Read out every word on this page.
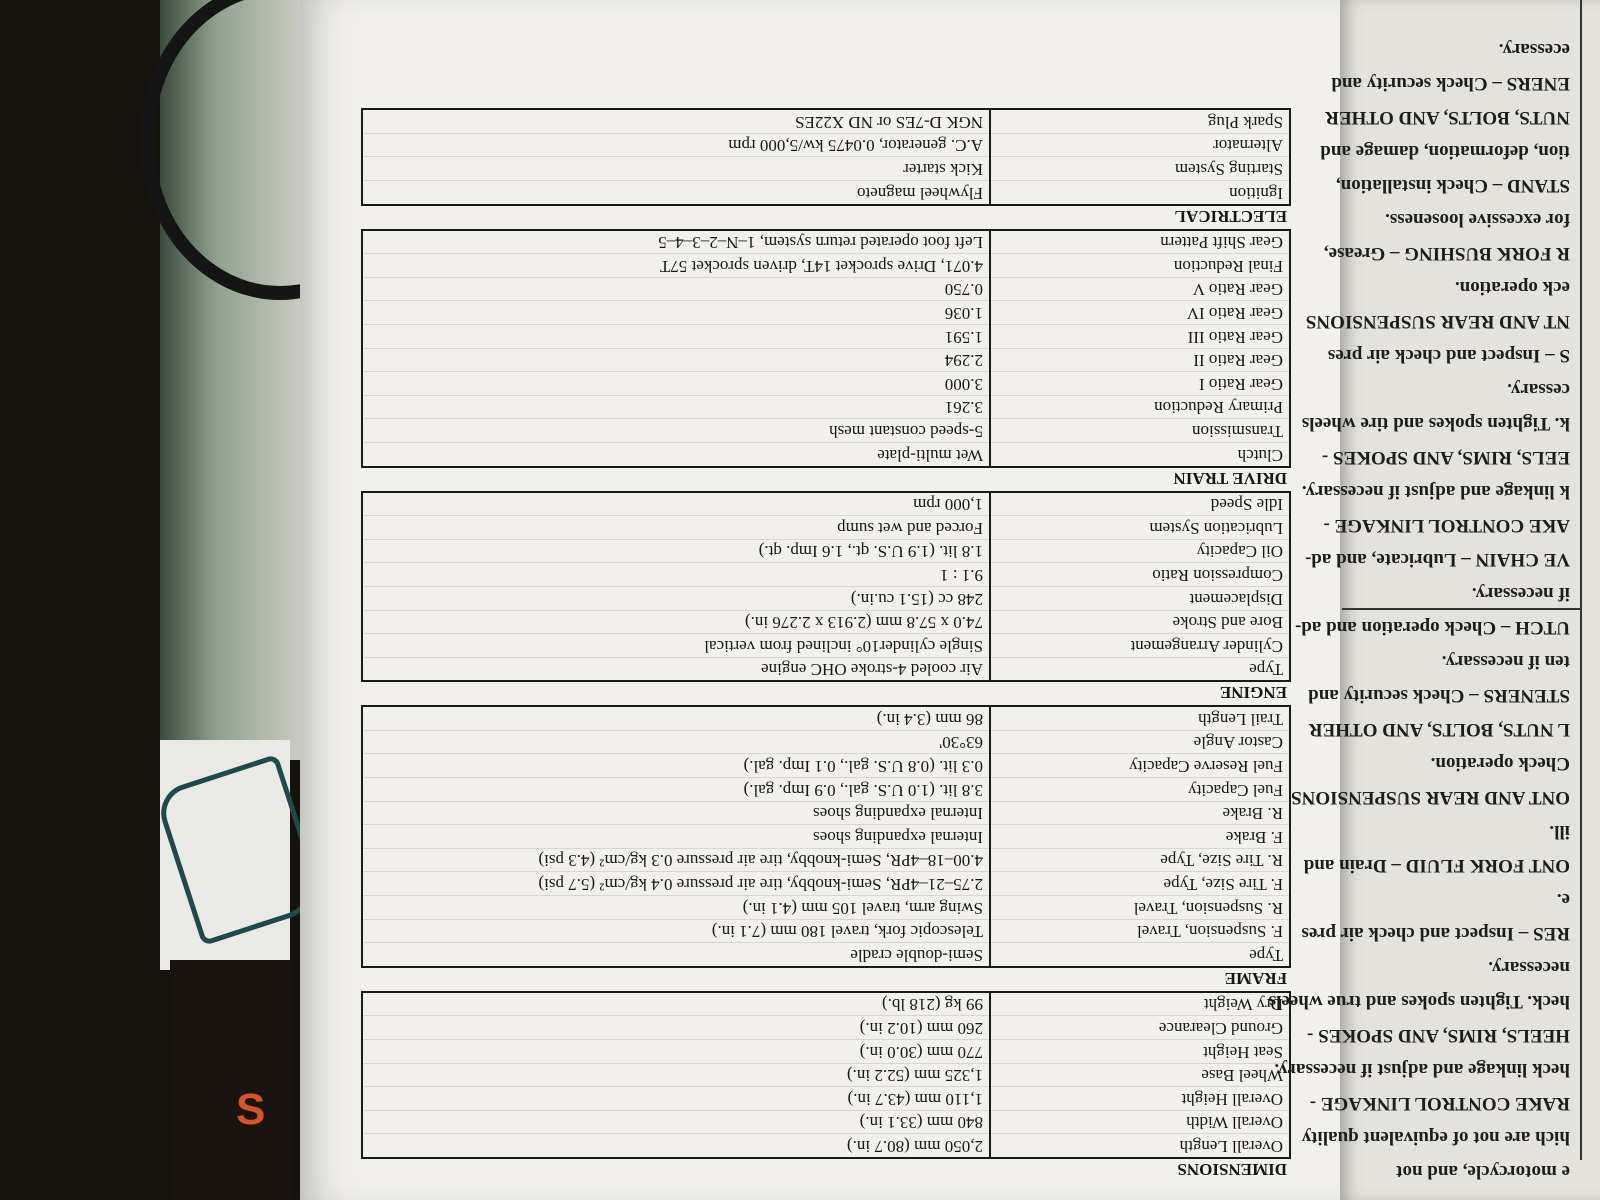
S
DIMENSIONS
Overall Length	2,050 mm (80.7 in.)
Overall Width	840 mm (33.1 in.)
Overall Height	1,110 mm (43.7 in.)
Wheel Base	1,325 mm (52.2 in.)
Seat Height	770 mm (30.0 in.)
Ground Clearance	260 mm (10.2 in.)
Dry Weight	99 kg (218 lb.)
FRAME
Type	Semi-double cradle
F. Suspension, Travel	Telescopic fork, travel 180 mm (7.1 in.)
R. Suspension, Travel	Swing arm, travel 105 mm (4.1 in.)
F. Tire Size, Type	2.75–21–4PR, Semi-knobby, tire air pressure 0.4 kg/cm² (5.7 psi)
R. Tire Size, Type	4.00–18–4PR, Semi-knobby, tire air pressure 0.3 kg/cm² (4.3 psi)
F. Brake	Internal expanding shoes
R. Brake	Internal expanding shoes
Fuel Capacity	3.8 lit. (1.0 U.S. gal., 0.9 Imp. gal.)
Fuel Reserve Capacity	0.3 lit. (0.8 U.S. gal., 0.1 Imp. gal.)
Castor Angle	63°30'
Trail Length	86 mm (3.4 in.)
ENGINE
Type	Air cooled 4-stroke OHC engine
Cylinder Arrangement	Single cylinder10° inclined from vertical
Bore and Stroke	74.0 x 57.8 mm (2.913 x 2.276 in.)
Displacement	248 cc (15.1 cu.in.)
Compression Ratio	9.1 : 1
Oil Capacity	1.8 lit. (1.9 U.S. qt., 1.6 Imp. qt.)
Lubrication System	Forced and wet sump
Idle Speed	1,000 rpm
DRIVE TRAIN
Clutch	Wet multi-plate
Transmission	5-speed constant mesh
Primary Reduction	3.261
Gear Ratio I	3.000
Gear Ratio II	2.294
Gear Ratio III	1.591
Gear Ratio IV	1.036
Gear Ratio V	0.750
Final Reduction	4.071, Drive sprocket 14T, driven sprocket 57T
Gear Shift Pattern	Left foot operated return system, 1–N–2–3–4–5
ELECTRICAL
Ignition	Flywheel magneto
Starting System	Kick starter
Alternator	A.C. generator, 0.0475 kw/5,000 rpm
Spark Plug	NGK D-7ES or ND X22ES
e motorcycle, and not
hich are not of equivalent quality
RAKE CONTROL LINKAGE -
heck linkage and adjust if necessary.
HEELS, RIMS, AND SPOKES -
heck. Tighten spokes and true wheels
necessary.
RES – Inspect and check air pres
e.
ONT FORK FLUID – Drain and
ill.
ONT AND REAR SUSPENSIONS
Check operation.
L NUTS, BOLTS, AND OTHER
STENERS – Check security and
ten if necessary.
UTCH – Check operation and ad-
if necessary.
VE CHAIN – Lubricate, and ad-
AKE CONTROL LINKAGE -
k linkage and adjust if necessary.
EELS, RIMS, AND SPOKES -
k. Tighten spokes and tire wheels
cessary.
S – Inspect and check air pres
NT AND REAR SUSPENSIONS
eck operation.
R FORK BUSHING – Grease,
for excessive looseness.
STAND – Check installation,
tion, deformation, damage and
NUTS, BOLTS, AND OTHER
ENERS – Check security and
ecessary.
